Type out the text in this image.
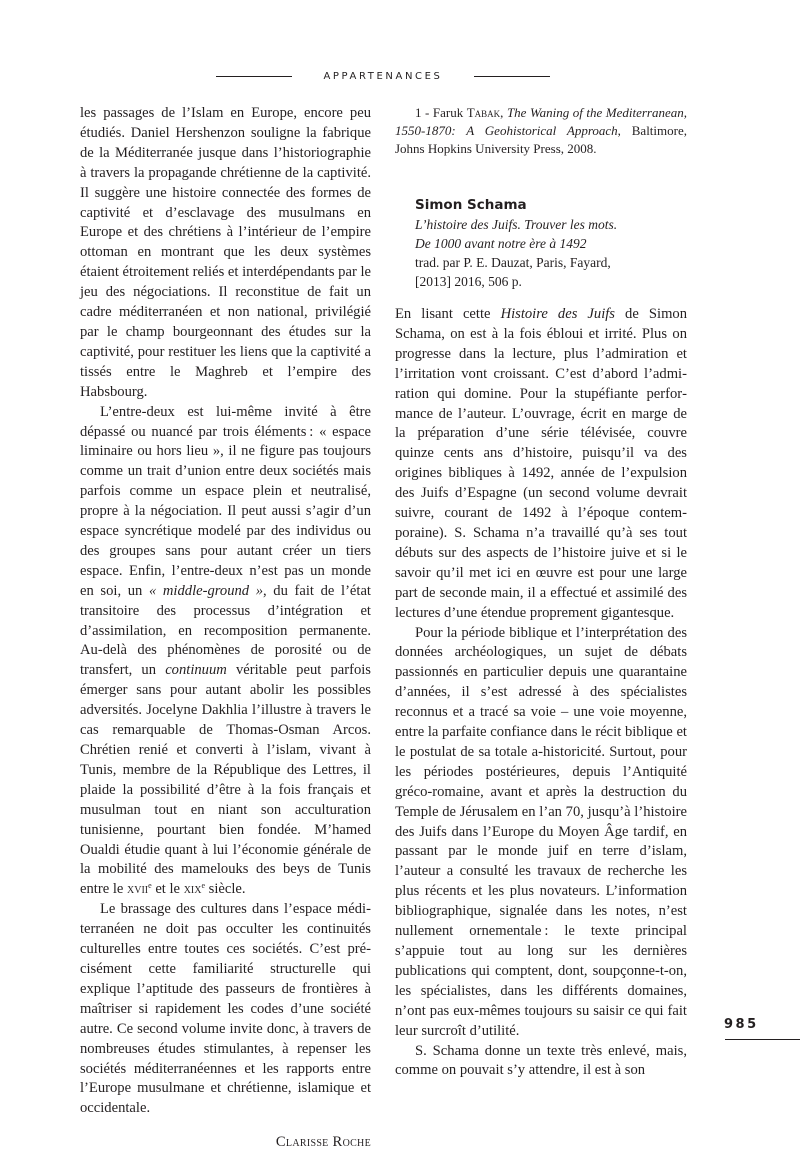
APPARTENANCES

les passages de l’Islam en Europe, encore peu étudiés. Daniel Hershenzon souligne la fabrique de la Méditerranée jusque dans l’historiographie à travers la propagande chrétienne de la captivité. Il suggère une histoire connectée des formes de captivité et d’esclavage des musulmans en Europe et des chrétiens à l’intérieur de l’empire ottoman en montrant que les deux systèmes étaient étroitement reliés et interdépendants par le jeu des négociations. Il reconstitue de fait un cadre méditerranéen et non national, privilégié par le champ bourgeonnant des études sur la captivité, pour restituer les liens que la captivité a tissés entre le Maghreb et l’empire des Habsbourg.

L’entre-deux est lui-même invité à être dépassé ou nuancé par trois éléments : « espace liminaire ou hors lieu », il ne figure pas toujours comme un trait d’union entre deux sociétés mais parfois comme un espace plein et neutralisé, propre à la négociation. Il peut aussi s’agir d’un espace syncrétique modelé par des individus ou des groupes sans pour autant créer un tiers espace. Enfin, l’entre-deux n’est pas un monde en soi, un « middle-ground », du fait de l’état transitoire des processus d’intégration et d’assimilation, en recomposition permanente. Au-delà des phénomènes de porosité ou de transfert, un continuum véritable peut parfois émerger sans pour autant abolir les possibles adversités. Jocelyne Dakhlia l’illustre à travers le cas remarquable de Thomas-Osman Arcos. Chrétien renié et converti à l’islam, vivant à Tunis, membre de la République des Lettres, il plaide la possibilité d’être à la fois français et musulman tout en niant son acculturation tunisienne, pourtant bien fondée. M’hamed Oualdi étudie quant à lui l’économie générale de la mobilité des mamelouks des beys de Tunis entre le xvii$^e$ et le xix$^e$ siècle.

Le brassage des cultures dans l’espace méditerranéen ne doit pas occulter les continuités culturelles entre toutes ces sociétés. C’est précisément cette familiarité structurelle qui explique l’aptitude des passeurs de frontières à maîtriser si rapidement les codes d’une société autre. Ce second volume invite donc, à travers de nombreuses études stimulantes, à repenser les sociétés méditerranéennes et les rapports entre l’Europe musulmane et chrétienne, islamique et occidentale.

Clarisse Roche

1 - Faruk Tabak, The Waning of the Mediterranean, 1550-1870: A Geohistorical Approach, Baltimore, Johns Hopkins University Press, 2008.

Simon Schama
L’histoire des Juifs. Trouver les mots.
De 1000 avant notre ère à 1492
trad. par P. E. Dauzat, Paris, Fayard,
[2013] 2016, 506 p.

En lisant cette Histoire des Juifs de Simon Schama, on est à la fois ébloui et irrité. Plus on progresse dans la lecture, plus l’admiration et l’irritation vont croissant. C’est d’abord l’admiration qui domine. Pour la stupéfiante performance de l’auteur. L’ouvrage, écrit en marge de la préparation d’une série télévisée, couvre quinze cents ans d’histoire, puisqu’il va des origines bibliques à 1492, année de l’expulsion des Juifs d’Espagne (un second volume devrait suivre, courant de 1492 à l’époque contemporaine). S. Schama n’a travaillé qu’à ses tout débuts sur des aspects de l’histoire juive et si le savoir qu’il met ici en œuvre est pour une large part de seconde main, il a effectué et assimilé des lectures d’une étendue proprement gigantesque.

Pour la période biblique et l’interprétation des données archéologiques, un sujet de débats passionnés en particulier depuis une quarantaine d’années, il s’est adressé à des spécialistes reconnus et a tracé sa voie – une voie moyenne, entre la parfaite confiance dans le récit biblique et le postulat de sa totale a-historicité. Surtout, pour les périodes postérieures, depuis l’Antiquité gréco-romaine, avant et après la destruction du Temple de Jérusalem en l’an 70, jusqu’à l’histoire des Juifs dans l’Europe du Moyen Âge tardif, en passant par le monde juif en terre d’islam, l’auteur a consulté les travaux de recherche les plus récents et les plus novateurs. L’information bibliographique, signalée dans les notes, n’est nullement ornementale : le texte principal s’appuie tout au long sur les dernières publications qui comptent, dont, soupçonne-t-on, les spécialistes, dans les différents domaines, n’ont pas eux-mêmes toujours su saisir ce qui fait leur surcroît d’utilité.

S. Schama donne un texte très enlevé, mais, comme on pouvait s’y attendre, il est à son

985
